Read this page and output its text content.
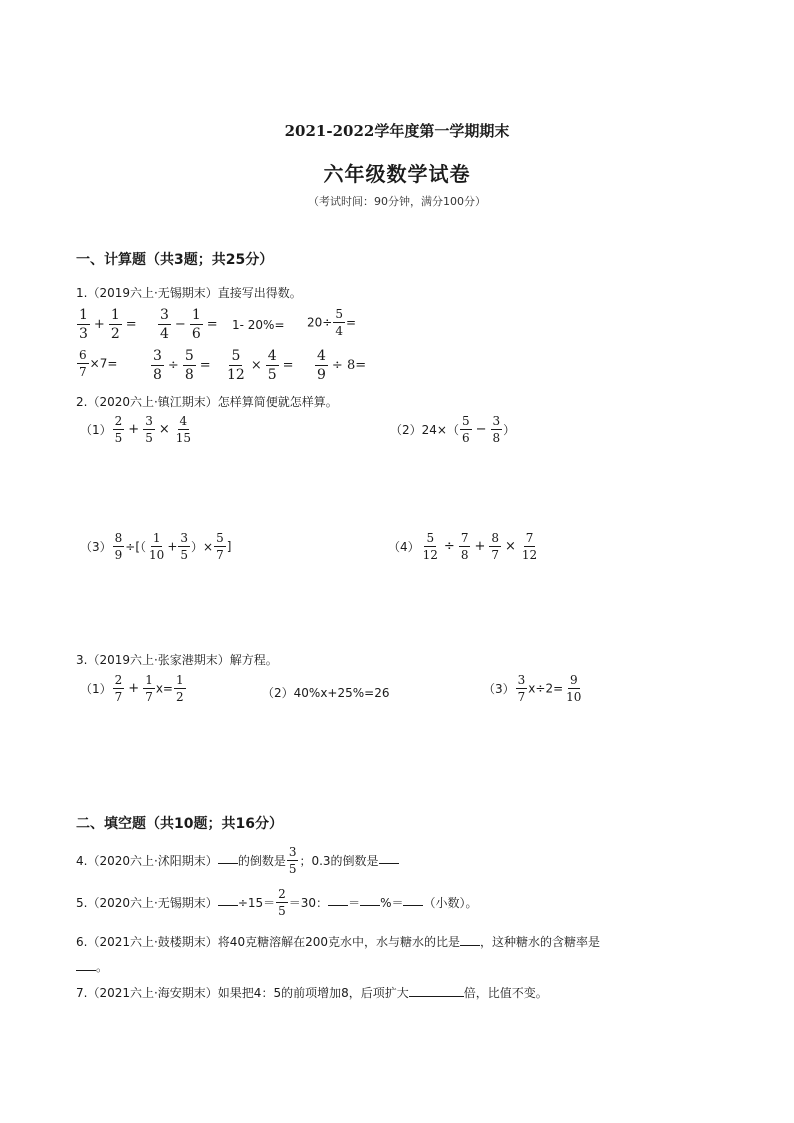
2021-2022学年度第一学期期末
六年级数学试卷
（考试时间：90分钟，满分100分）
一、计算题（共3题；共25分）
1.（2019六上·无锡期末）直接写出得数。
$\frac{1}{3} + \frac{1}{2} = \frac{3}{4} - \frac{1}{6} = 1-$ $20\%= 20\div \frac{5}{4}$ =
$\frac{6}{7} \times 7= \frac{3}{8} \div \frac{5}{8} = \frac{5}{12} \times \frac{4}{5} = \frac{4}{9} \div 8=$
2.（2020六上·镇江期末）怎样算简便就怎样算。
$(1) \frac{2}{5} + \frac{3}{5} \times \frac{4}{15}$	$(2)24\times( \frac{5}{6} - \frac{3}{8}$ ）
$(3) \frac{8}{9}$ ÷[（ $\frac{1}{10} + \frac{3}{5}$ ）× $\frac{5}{7}$ ]	$(4) \frac{5}{12} \div \frac{7}{8} + \frac{8}{7} \times \frac{7}{12}$
3.（2019六上·张家港期末）解方程。
$(1) \frac{2}{7} + \frac{1}{7} x= \frac{1}{2}$	（2）40%x+25%=26	$(3) \frac{3}{7} x\div 2= \frac{9}{10}$
二、填空题（共10题；共16分）
4.（2020六上·沭阳期末） 的倒数是 $\frac{3}{5}$ ；0.3的倒数是
5.（2020六上·无锡期末） $\div 15= \frac{2}{5} =30$： ＝ %＝ （小数）。
6.（2021六上·鼓楼期末）将40克糖溶解在200克水中，水与糖水的比是 ，这种糖水的含糖率是
。
7.（2021六上·海安期末）如果把4：5的前项增加8，后项扩大	倍，比值不变。
